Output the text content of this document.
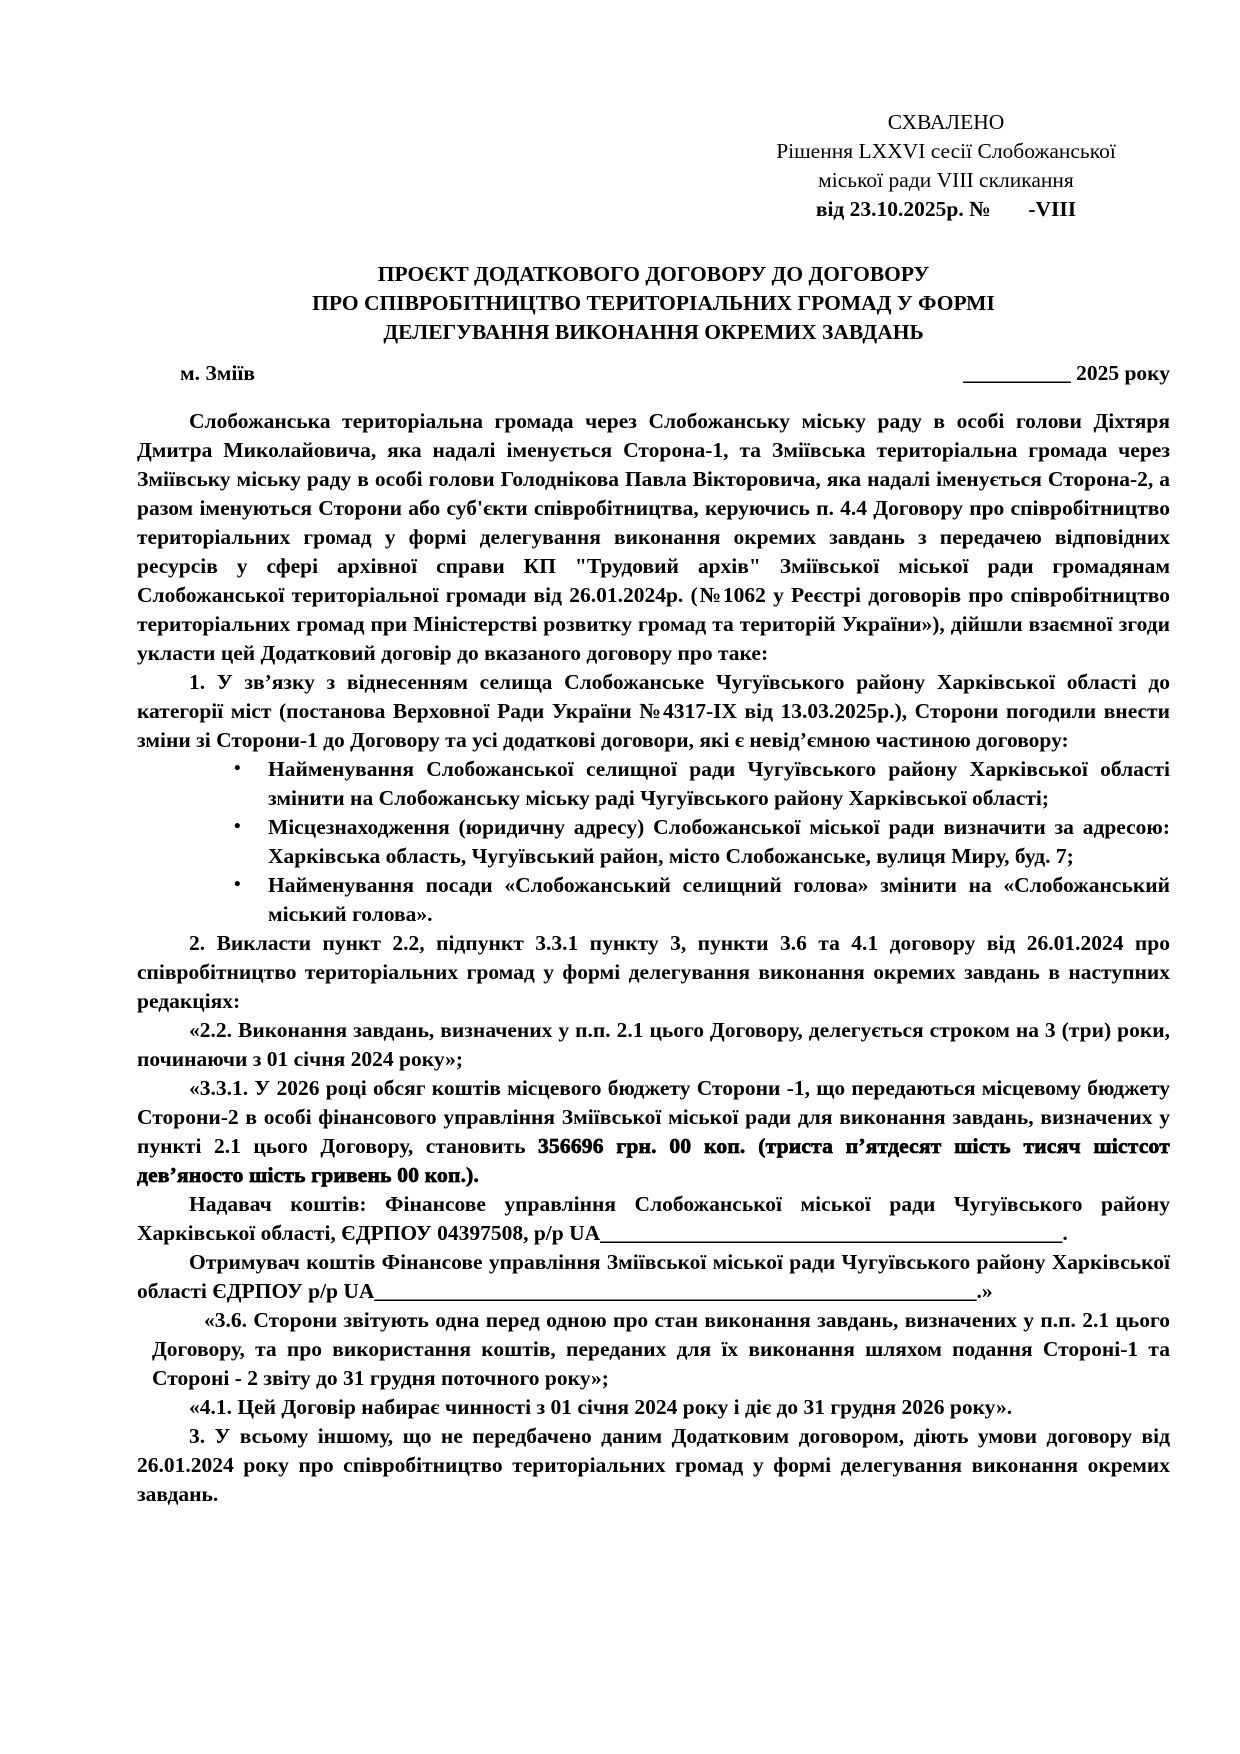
СХВАЛЕНО
Рішення LXXVI сесії Слобожанської
міської ради VIII скликання
від 23.10.2025р. №       -VIII
ПРОЄКТ ДОДАТКОВОГО ДОГОВОРУ ДО ДОГОВОРУ
ПРО СПІВРОБІТНИЦТВО ТЕРИТОРІАЛЬНИХ ГРОМАД У ФОРМІ
ДЕЛЕГУВАННЯ ВИКОНАННЯ ОКРЕМИХ ЗАВДАНЬ
м. Зміїв	__________ 2025 року

Слобожанська територіальна громада через Слобожанську міську раду в особі голови Діхтяря Дмитра Миколайовича, яка надалі іменується Сторона-1, та Зміївська територіальна громада через Зміївську міську раду в особі голови Голоднікова Павла Вікторовича, яка надалі іменується Сторона-2, а разом іменуються Сторони або суб'єкти співробітництва, керуючись п. 4.4 Договору про співробітництво територіальних громад у формі делегування виконання окремих завдань з передачею відповідних ресурсів у сфері архівної справи КП "Трудовий архів" Зміївської міської ради громадянам Слобожанської територіальної громади від 26.01.2024р. (№1062 у Реєстрі договорів про співробітництво територіальних громад при Міністерстві розвитку громад та територій України»), дійшли взаємної згоди укласти цей Додатковий договір до вказаного договору про таке:

1. У зв’язку з віднесенням селища Слобожанське Чугуївського району Харківської області до категорії міст (постанова Верховної Ради України №4317-IX від 13.03.2025р.), Сторони погодили внести зміни зі Сторони-1 до Договору та усі додаткові договори, які є невід’ємною частиною договору:

• Найменування Слобожанської селищної ради Чугуївського району Харківської області змінити на Слобожанську міську раді Чугуївського району Харківської області;
• Місцезнаходження (юридичну адресу) Слобожанської міської ради визначити за адресою: Харківська область, Чугуївський район, місто Слобожанське, вулиця Миру, буд. 7;
• Найменування посади «Слобожанський селищний голова» змінити на «Слобожанський міський голова».

2. Викласти пункт 2.2, підпункт 3.3.1 пункту 3, пункти 3.6 та 4.1 договору від 26.01.2024 про співробітництво територіальних громад у формі делегування виконання окремих завдань в наступних редакціях:

«2.2. Виконання завдань, визначених у п.п. 2.1 цього Договору, делегується строком на 3 (три) роки, починаючи з 01 січня 2024 року»;

«3.3.1. У 2026 році обсяг коштів місцевого бюджету Сторони -1, що передаються місцевому бюджету Сторони-2 в особі фінансового управління Зміївської міської ради для виконання завдань, визначених у пункті 2.1 цього Договору, становить 356696 грн. 00 коп. (триста п’ятдесят шість тисяч шістсот дев’яносто шість гривень 00 коп.).

Надавач коштів: Фінансове управління Слобожанської міської ради Чугуївського району Харківської області, ЄДРПОУ 04397508, р/р UA___________________________________________.

Отримувач коштів Фінансове управління Зміївської міської ради Чугуївського району Харківської області ЄДРПОУ р/р UA________________________________________________________.»

«3.6. Сторони звітують одна перед одною про стан виконання завдань, визначених у п.п. 2.1 цього Договору, та про використання коштів, переданих для їх виконання шляхом подання Стороні-1 та Стороні - 2 звіту до 31 грудня поточного року»;

«4.1. Цей Договір набирає чинності з 01 січня 2024 року і діє до 31 грудня 2026 року».

3. У всьому іншому, що не передбачено даним Додатковим договором, діють умови договору від 26.01.2024 року про співробітництво територіальних громад у формі делегування виконання окремих завдань.
